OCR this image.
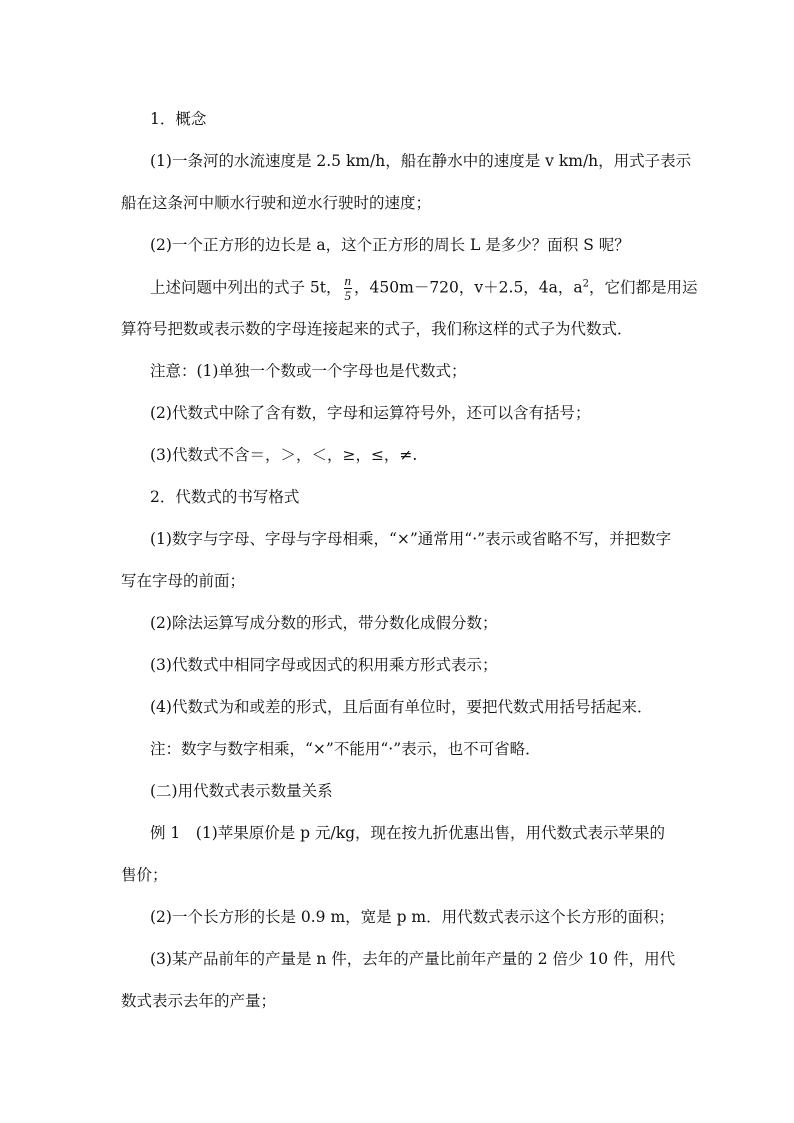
1．概念
(1)一条河的水流速度是 2.5 km/h，船在静水中的速度是 v km/h，用式子表示
船在这条河中顺水行驶和逆水行驶时的速度；
(2)一个正方形的边长是 a，这个正方形的周长 L 是多少？面积 S 呢？
上述问题中列出的式子 5t， $\frac{n}{5}$ ，450m－720，v＋2.5，4a，$a^2$，它们都是用运
算符号把数或表示数的字母连接起来的式子，我们称这样的式子为代数式．
注意：(1)单独一个数或一个字母也是代数式；
(2)代数式中除了含有数，字母和运算符号外，还可以含有括号；
(3)代数式不含＝，＞，＜，≥，≤，≠.
2．代数式的书写格式
(1)数字与字母、字母与字母相乘，“×”通常用“·”表示或省略不写，并把数字
写在字母的前面；
(2)除法运算写成分数的形式，带分数化成假分数；
(3)代数式中相同字母或因式的积用乘方形式表示；
(4)代数式为和或差的形式，且后面有单位时，要把代数式用括号括起来．
注：数字与数字相乘，“×”不能用“·”表示，也不可省略．
(二)用代数式表示数量关系
例 1　(1)苹果原价是 p 元/kg，现在按九折优惠出售，用代数式表示苹果的
售价；
(2)一个长方形的长是 0.9 m，宽是 p m．用代数式表示这个长方形的面积；
(3)某产品前年的产量是 n 件，去年的产量比前年产量的 2 倍少 10 件，用代
数式表示去年的产量；
